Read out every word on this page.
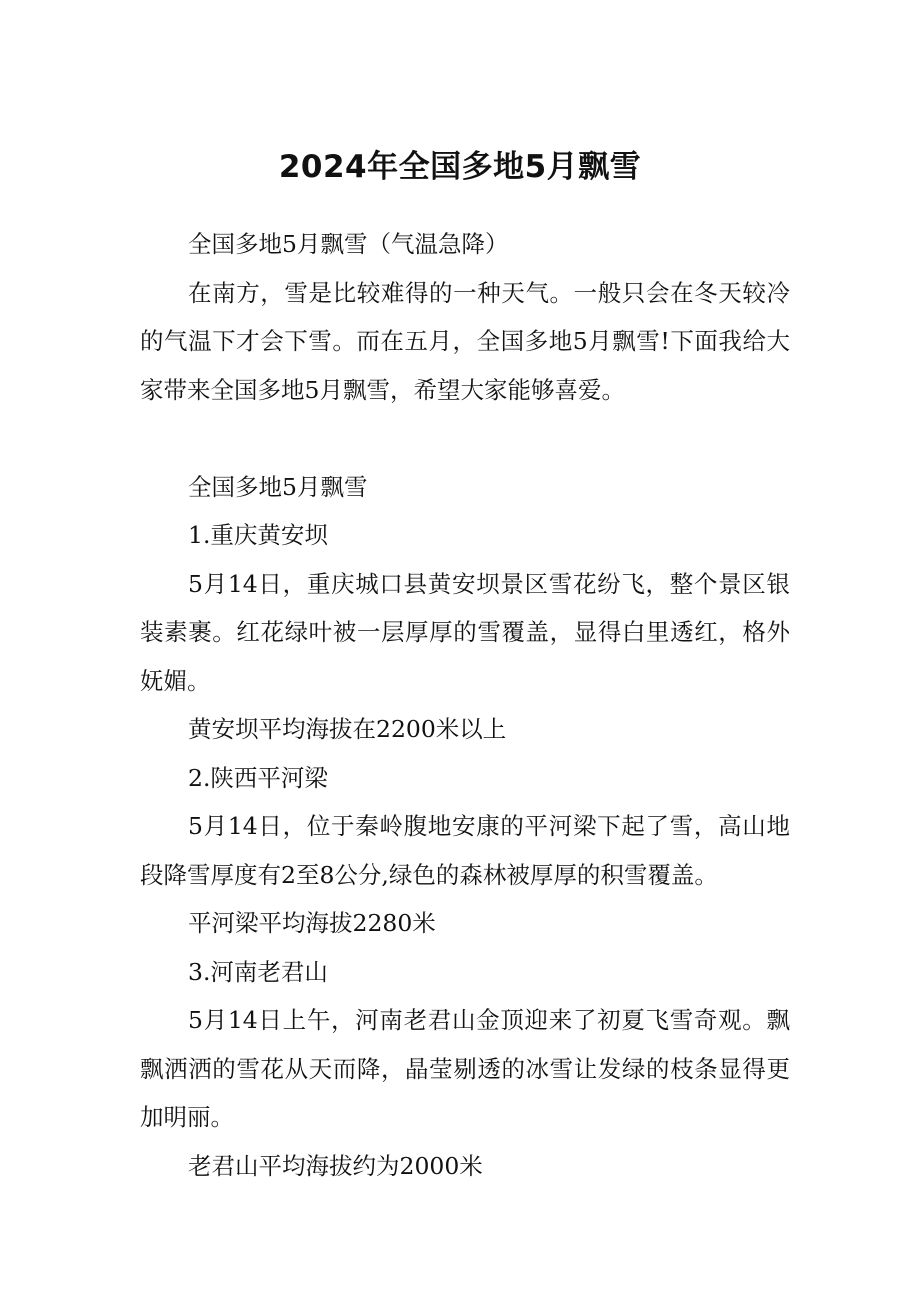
2024年全国多地5月飘雪

全国多地5月飘雪（气温急降）

在南方，雪是比较难得的一种天气。一般只会在冬天较冷的气温下才会下雪。而在五月，全国多地5月飘雪!下面我给大家带来全国多地5月飘雪，希望大家能够喜爱。

全国多地5月飘雪

1.重庆黄安坝

5月14日，重庆城口县黄安坝景区雪花纷飞，整个景区银装素裹。红花绿叶被一层厚厚的雪覆盖，显得白里透红，格外妩媚。

黄安坝平均海拔在2200米以上

2.陕西平河梁

5月14日，位于秦岭腹地安康的平河梁下起了雪，高山地段降雪厚度有2至8公分,绿色的森林被厚厚的积雪覆盖。

平河梁平均海拔2280米

3.河南老君山

5月14日上午，河南老君山金顶迎来了初夏飞雪奇观。飘飘洒洒的雪花从天而降，晶莹剔透的冰雪让发绿的枝条显得更加明丽。

老君山平均海拔约为2000米
